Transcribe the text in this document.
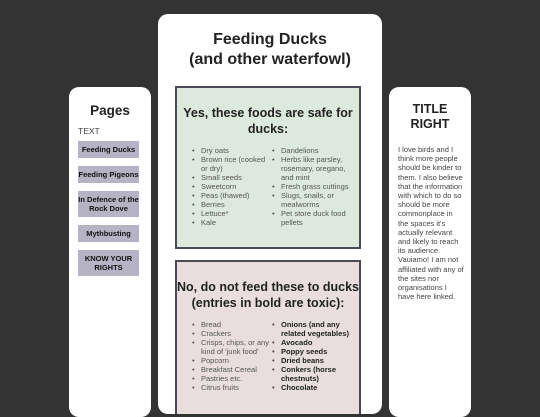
Pages
TEXT
Feeding Ducks
Feeding Pigeons
In Defence of the Rock Dove
Mythbusting
KNOW YOUR RIGHTS
Feeding Ducks
(and other waterfowl)
Yes, these foods are safe for ducks:
• Dry oats
• Brown rice (cooked or dry)
• Small seeds
• Sweetcorn
• Peas (thawed)
• Berries
• Lettuce*
• Kale
• Dandelions
• Herbs like parsley, rosemary, oregano, and mint
• Fresh grass cuttings
• Slugs, snails, or mealworms
• Pet store duck food pellets
No, do not feed these to ducks (entries in bold are toxic):
• Bread
• Crackers
• Crisps, chips, or any kind of 'junk food'
• Popcorn
• Breakfast Cereal
• Pastries etc.
• Citrus fruits
• Onions (and any related vegetables)
• Avocado
• Poppy seeds
• Dried beans
• Conkers (horse chestnuts)
• Chocolate
TITLE
RIGHT
I love birds and I think more people should be kinder to them. I also believe that the information with which to do so should be more commonplace in the spaces it's actually relevant and likely to reach its audience. Vauiamo! I am not affiliated with any of the sites nor organisations I have here linked.
